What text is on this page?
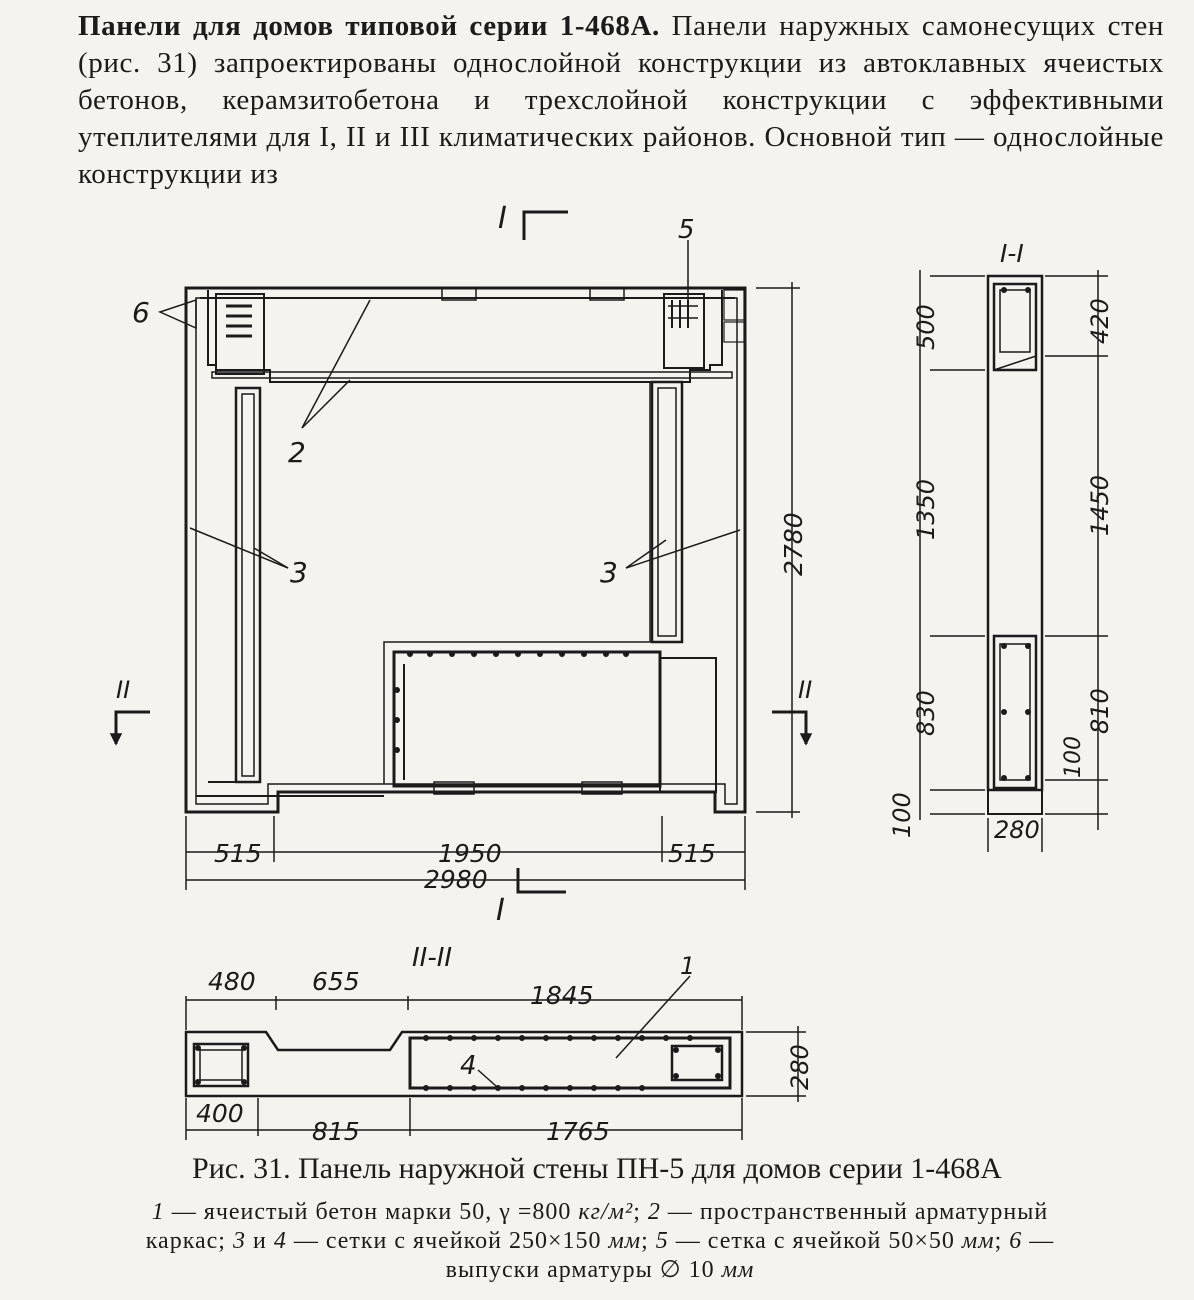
Панели для домов типовой серии 1-468А. Панели наружных самонесущих стен (рис. 31) запроектированы однослойной конструкции из автоклавных ячеистых бетонов, керамзитобетона и трехслойной конструкции с эффективными утеплителями для I, II и III климатических районов. Основной тип — однослойные конструкции из
515	1950	515
2980
2780
I
I
II	II
2
3	3
5
6
I-I
500
1350
830
100
420
1450
810
100
280
II-II
480 655	1845
400
815	1765
280
1
4
Рис. 31. Панель наружной стены ПН-5 для домов серии 1-468А
1 — ячеистый бетон марки 50, γ =800 кг/м²; 2 — пространственный арматурный каркас; 3 и 4 — сетки с ячейкой 250×150 мм; 5 — сетка с ячейкой 50×50 мм; 6 — выпуски арматуры ∅ 10 мм
